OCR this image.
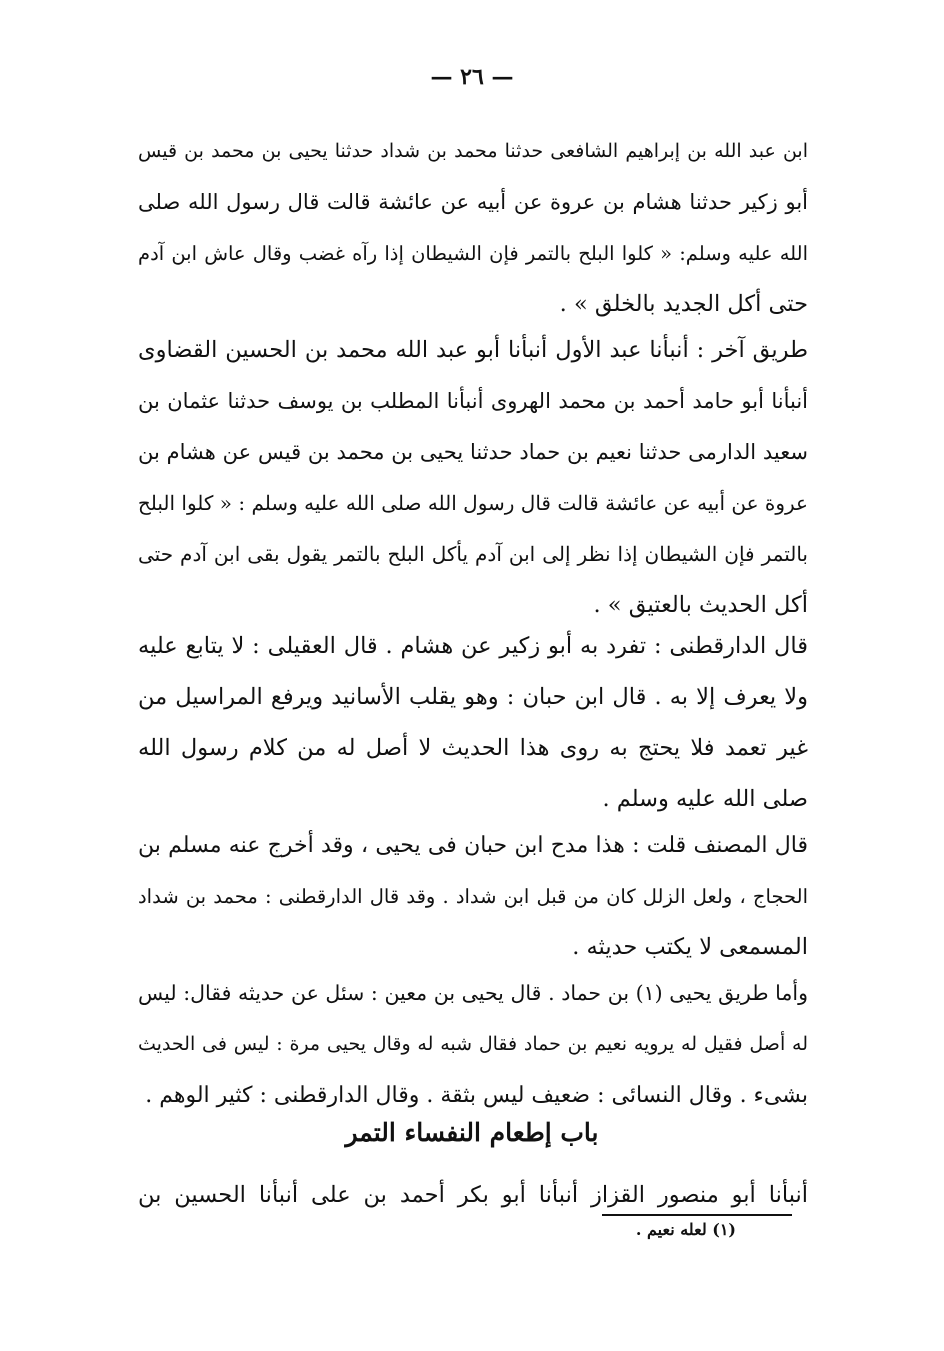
— ٢٦ —
ابن عبد الله بن إبراهيم الشافعى حدثنا محمد بن شداد حدثنا يحيى بن محمد بن قيس
أبو زكير حدثنا هشام بن عروة عن أبيه عن عائشة قالت قال رسول الله صلى
الله عليه وسلم: « كلوا البلح بالتمر فإن الشيطان إذا رآه غضب وقال عاش ابن آدم
حتى أكل الجديد بالخلق » .
طريق آخر : أنبأنا عبد الأول أنبأنا أبو عبد الله محمد بن الحسين القضاوى
أنبأنا أبو حامد أحمد بن محمد الهروى أنبأنا المطلب بن يوسف حدثنا عثمان بن
سعيد الدارمى حدثنا نعيم بن حماد حدثنا يحيى بن محمد بن قيس عن هشام بن
عروة عن أبيه عن عائشة قالت قال رسول الله صلى الله عليه وسلم : « كلوا البلح
بالتمر فإن الشيطان إذا نظر إلى ابن آدم يأكل البلح بالتمر يقول بقى ابن آدم حتى
أكل الحديث بالعتيق » .
قال الدارقطنى : تفرد به أبو زكير عن هشام . قال العقيلى : لا يتابع عليه
ولا يعرف إلا به . قال ابن حبان : وهو يقلب الأسانيد ويرفع المراسيل من
غير تعمد فلا يحتج به روى هذا الحديث لا أصل له من كلام رسول الله
صلى الله عليه وسلم .
قال المصنف قلت : هذا مدح ابن حبان فى يحيى ، وقد أخرج عنه مسلم بن
الحجاج ، ولعل الزلل كان من قبل ابن شداد . وقد قال الدارقطنى : محمد بن شداد
المسمعى لا يكتب حديثه .
وأما طريق يحيى (١) بن حماد . قال يحيى بن معين : سئل عن حديثه فقال: ليس
له أصل فقيل له يرويه نعيم بن حماد فقال شبه له وقال يحيى مرة : ليس فى الحديث
بشىء . وقال النسائى : ضعيف ليس بثقة . وقال الدارقطنى : كثير الوهم .
باب إطعام النفساء التمر
أنبأنا أبو منصور القزاز أنبأنا أبو بكر أحمد بن على أنبأنا الحسين بن
(١) لعله نعيم .
